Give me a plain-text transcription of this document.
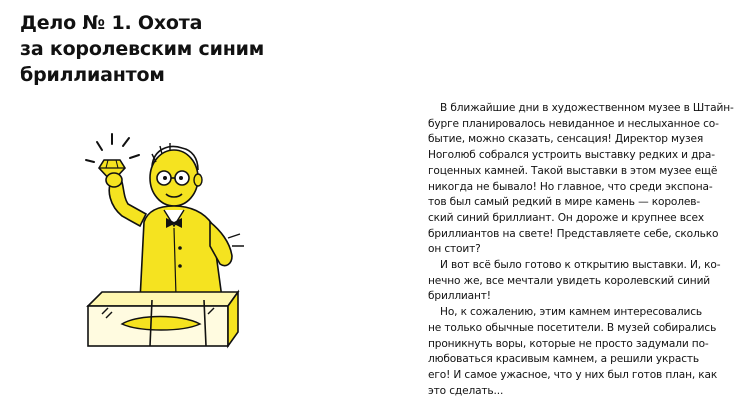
Дело № 1. Охота
за королевским синим
бриллиантом
В ближайшие дни в художественном музее в Штайн-
бурге планировалось невиданное и неслыханное со-
бытие, можно сказать, сенсация! Директор музея
Ноголюб собрался устроить выставку редких и дра-
гоценных камней. Такой выставки в этом музее ещё
никогда не бывало! Но главное, что среди экспона-
тов был самый редкий в мире камень — королев-
ский синий бриллиант. Он дороже и крупнее всех
бриллиантов на свете! Представляете себе, сколько
он стоит?
И вот всё было готово к открытию выставки. И, ко-
нечно же, все мечтали увидеть королевский синий
бриллиант!
Но, к сожалению, этим камнем интересовались
не только обычные посетители. В музей собирались
проникнуть воры, которые не просто задумали по-
любоваться красивым камнем, а решили украсть
его! И самое ужасное, что у них был готов план, как
это сделать...
